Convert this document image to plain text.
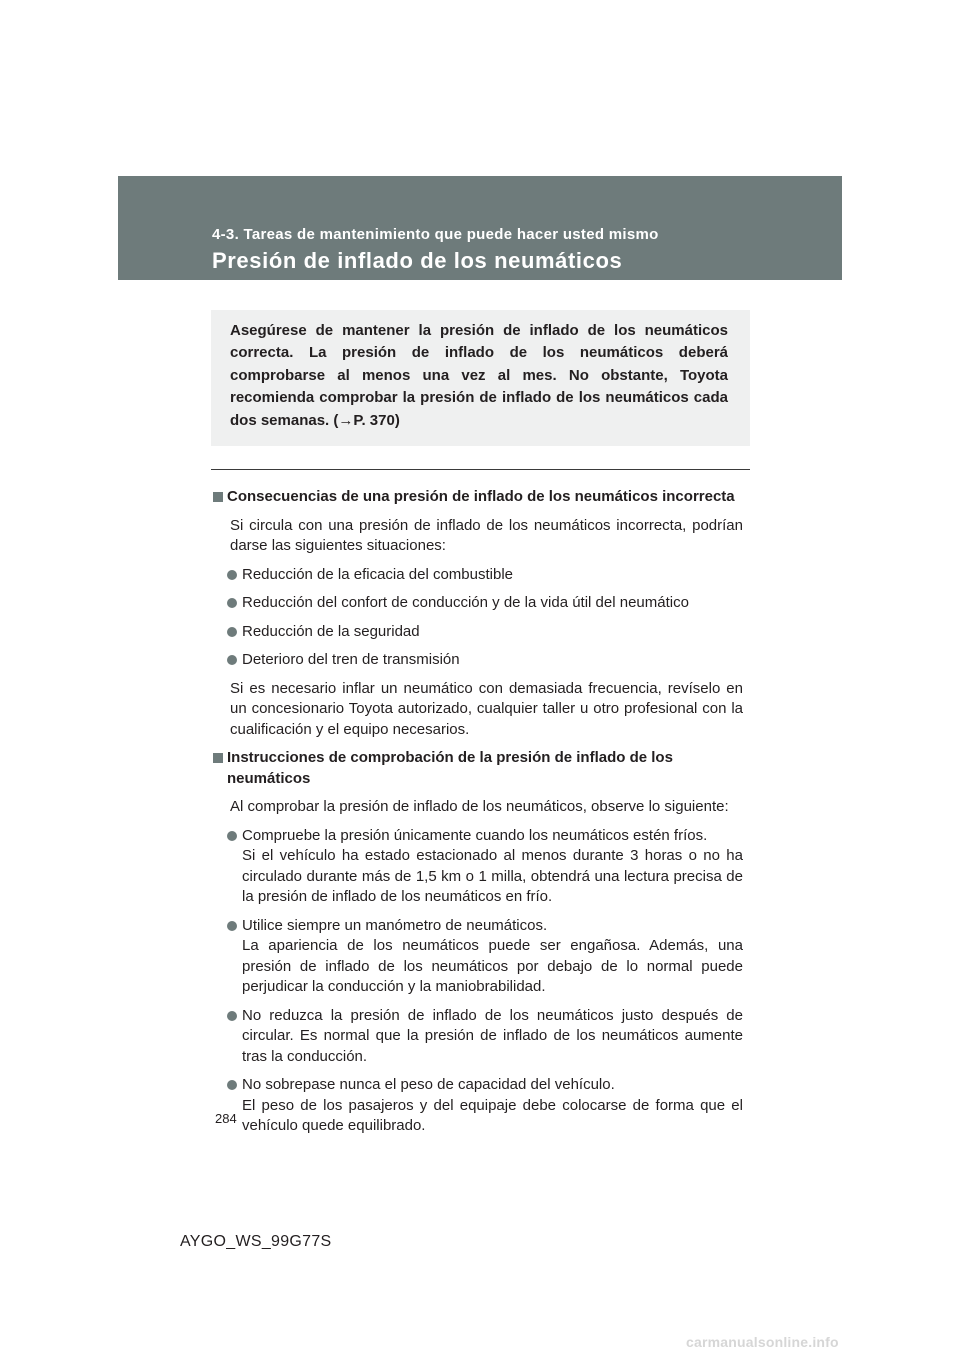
4-3. Tareas de mantenimiento que puede hacer usted mismo
Presión de inflado de los neumáticos
Asegúrese de mantener la presión de inflado de los neumáticos correcta. La presión de inflado de los neumáticos deberá comprobarse al menos una vez al mes. No obstante, Toyota recomienda comprobar la presión de inflado de los neumáticos cada dos semanas. (→P. 370)
Consecuencias de una presión de inflado de los neumáticos incorrecta
Si circula con una presión de inflado de los neumáticos incorrecta, podrían darse las siguientes situaciones:
Reducción de la eficacia del combustible
Reducción del confort de conducción y de la vida útil del neumático
Reducción de la seguridad
Deterioro del tren de transmisión
Si es necesario inflar un neumático con demasiada frecuencia, revíselo en un concesionario Toyota autorizado, cualquier taller u otro profesional con la cualificación y el equipo necesarios.
Instrucciones de comprobación de la presión de inflado de los neumáticos
Al comprobar la presión de inflado de los neumáticos, observe lo siguiente:
Compruebe la presión únicamente cuando los neumáticos estén fríos.
Si el vehículo ha estado estacionado al menos durante 3 horas o no ha circulado durante más de 1,5 km o 1 milla, obtendrá una lectura precisa de la presión de inflado de los neumáticos en frío.
Utilice siempre un manómetro de neumáticos.
La apariencia de los neumáticos puede ser engañosa. Además, una presión de inflado de los neumáticos por debajo de lo normal puede perjudicar la conducción y la maniobrabilidad.
No reduzca la presión de inflado de los neumáticos justo después de circular. Es normal que la presión de inflado de los neumáticos aumente tras la conducción.
No sobrepase nunca el peso de capacidad del vehículo.
El peso de los pasajeros y del equipaje debe colocarse de forma que el vehículo quede equilibrado.
284
AYGO_WS_99G77S
carmanualsonline.info
